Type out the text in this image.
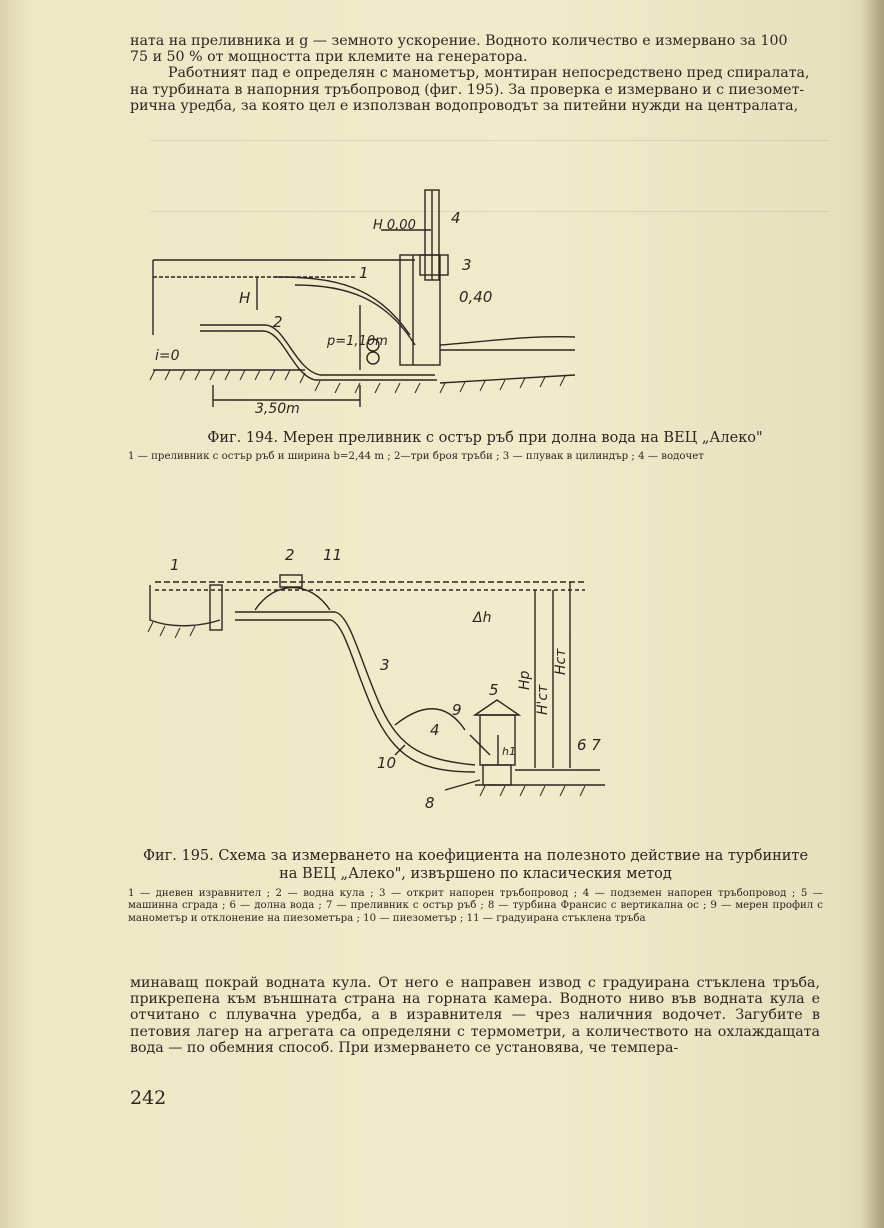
ната на преливника и g — земното ускорение. Водното количество е измервано за 100
75 и 50 % от мощността при клемите на генератора.
Работният пад е определян с манометър, монтиран непосредствено пред спиралата,
на турбината в напорния тръбопровод (фиг. 195). За проверка е измервано и с пиезомет-
рична уредба, за която цел е използван водопроводът за питейни нужди на централата,
H 0,00 4
3
1
2
H	0,40
p=1,10m
i=0
3,50m
Фиг. 194. Мерен преливник с остър ръб при долна вода на ВЕЦ „Алеко"
1 — преливник с остър ръб и ширина b=2,44 m ; 2—три броя тръби ; 3 — плувак в цилиндър ; 4 — водочет
1
2 11
3
4
9
5
6 7
10
8
Δh
Hp
H'ст
Hст
h1
Фиг. 195. Схема за измерването на коефициента на полезното действие на турбините
на ВЕЦ „Алеко", извършено по класическия метод
1 — дневен изравнител ; 2 — водна кула ; 3 — открит напорен тръбопровод ; 4 — подземен напорен тръбопровод ; 5 — машинна сграда ; 6 — долна вода ; 7 — преливник с остър ръб ; 8 — турбина Франсис с вертикална ос ; 9 — мерен профил с манометър и отклонение на пиезометъра ; 10 — пиезометър ; 11 — градуирана стъклена тръба
минаващ покрай водната кула. От него е направен извод с градуирана стъклена тръба, прикрепена към външната страна на горната камера. Водното ниво във водната кула е отчитано с плувачна уредба, а в изравнителя — чрез наличния водочет. Загубите в петовия лагер на агрегата са определяни с термометри, а количеството на охлаждащата вода — по обемния способ. При измерването се установява, че темпера-
242
